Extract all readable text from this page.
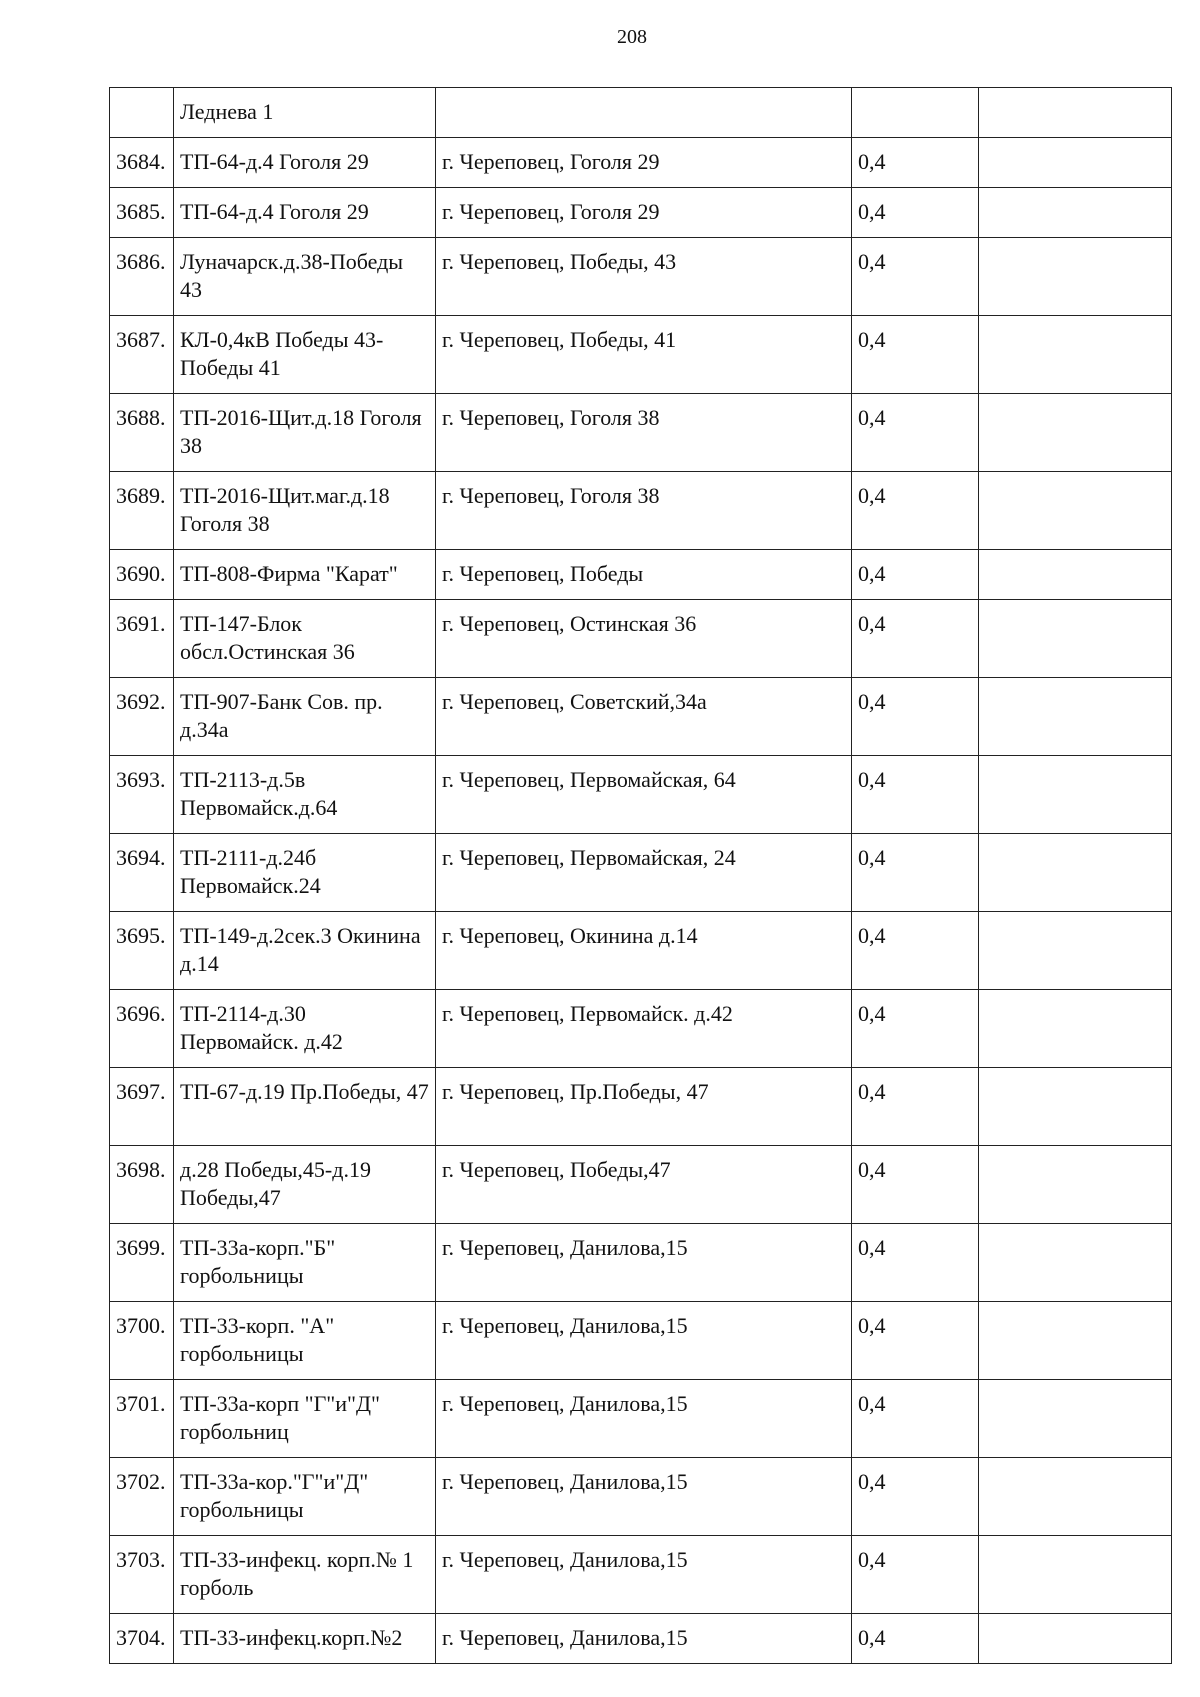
208
	Леднева 1			
3684.	ТП-64-д.4 Гоголя 29	г. Череповец, Гоголя 29	0,4	
3685.	ТП-64-д.4 Гоголя 29	г. Череповец, Гоголя 29	0,4	
3686.	Луначарск.д.38-Победы 43	г. Череповец, Победы, 43	0,4	
3687.	КЛ-0,4кВ Победы 43-Победы 41	г. Череповец, Победы, 41	0,4	
3688.	ТП-2016-Щит.д.18 Гоголя 38	г. Череповец, Гоголя 38	0,4	
3689.	ТП-2016-Щит.маг.д.18 Гоголя 38	г. Череповец, Гоголя 38	0,4	
3690.	ТП-808-Фирма "Карат"	г. Череповец, Победы	0,4	
3691.	ТП-147-Блок обсл.Остинская 36	г. Череповец, Остинская 36	0,4	
3692.	ТП-907-Банк Сов. пр. д.34а	г. Череповец, Советский,34а	0,4	
3693.	ТП-2113-д.5в Первомайск.д.64	г. Череповец, Первомайская, 64	0,4	
3694.	ТП-2111-д.24б Первомайск.24	г. Череповец, Первомайская, 24	0,4	
3695.	ТП-149-д.2сек.3 Окинина д.14	г. Череповец, Окинина д.14	0,4	
3696.	ТП-2114-д.30 Первомайск. д.42	г. Череповец, Первомайск. д.42	0,4	
3697.	ТП-67-д.19 Пр.Победы, 47	г. Череповец, Пр.Победы, 47	0,4	
3698.	д.28 Победы,45-д.19 Победы,47	г. Череповец, Победы,47	0,4	
3699.	ТП-33а-корп."Б" горбольницы	г. Череповец, Данилова,15	0,4	
3700.	ТП-33-корп. "А" горбольницы	г. Череповец, Данилова,15	0,4	
3701.	ТП-33а-корп "Г"и"Д" горбольниц	г. Череповец, Данилова,15	0,4	
3702.	ТП-33а-кор."Г"и"Д" горбольницы	г. Череповец, Данилова,15	0,4	
3703.	ТП-33-инфекц. корп.№ 1 горболь	г. Череповец, Данилова,15	0,4	
3704.	ТП-33-инфекц.корп.№2	г. Череповец, Данилова,15	0,4	
